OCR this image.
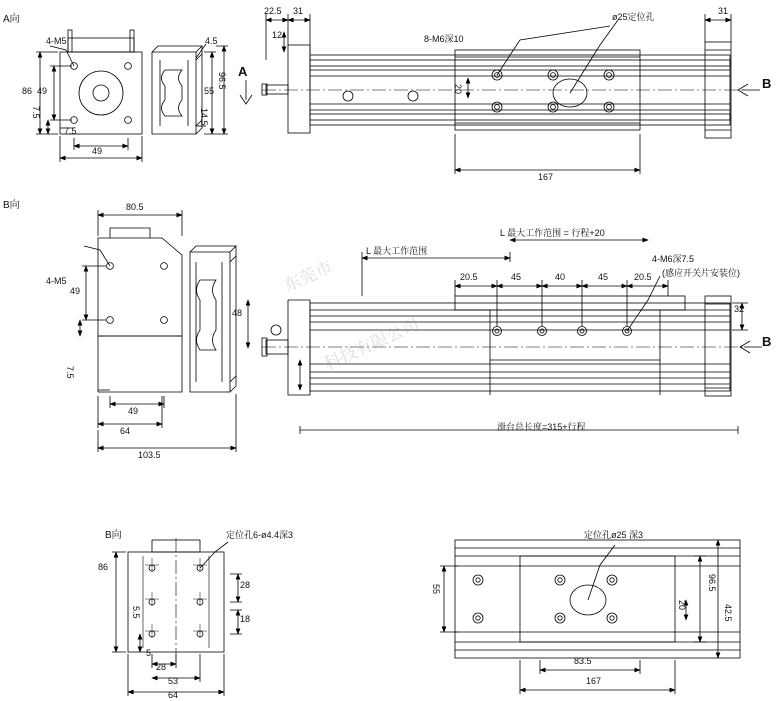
东莞市
科技有限公司
A向
4-M5
86 49
7.5
49
7.5
14.5
55
96.5
4.5
A
22.5 31
12
20
31
167
ø25定位孔
8-M6深10
B
B向	80.5
4-M5
49
7.5
49
64
103.5
48
L 最大工作范围 = 行程+20
L 最大工作范围
4-M6深7.5
(感应开关片安装位)
20.5	45	40	45	20.5
32
滑台总长度=315+行程
B
B向	定位孔6-ø4.4深3
86
28
18
5.5
5
28
53
64
定位孔ø25 深3
55	96.5
42.5
20
83.5
167
